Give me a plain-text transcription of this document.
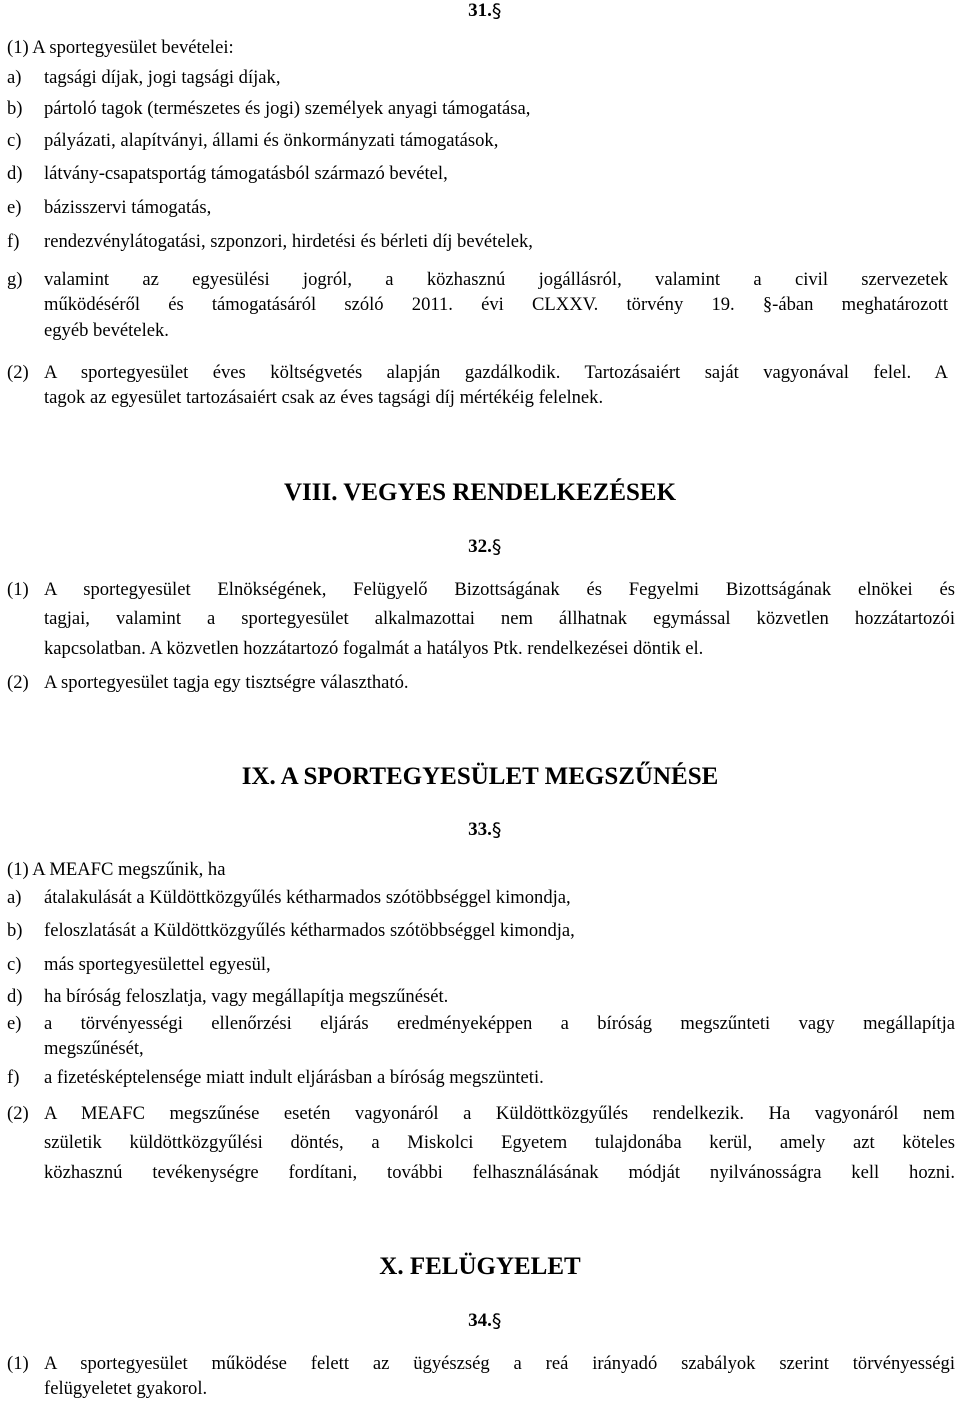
31. §
(1) A sportegyesület bevételei:
a) tagsági díjak, jogi tagsági díjak,
b) pártoló tagok (természetes és jogi) személyek anyagi támogatása,
c) pályázati, alapítványi, állami és önkormányzati támogatások,
d) látvány-csapatsportág támogatásból származó bevétel,
e) bázisszervi támogatás,
f) rendezvénylátogatási, szponzori, hirdetési és bérleti díj bevételek,
g) valamint az egyesülési jogról, a közhasznú jogállásról, valamint a civil szervezetek
működéséről és támogatásáról szóló 2011. évi CLXXV. törvény 19. §-ában meghatározott
egyéb bevételek.
(2) A sportegyesület éves költségvetés alapján gazdálkodik. Tartozásaiért saját vagyonával felel. A
tagok az egyesület tartozásaiért csak az éves tagsági díj mértékéig felelnek.
VIII. VEGYES RENDELKEZÉSEK
32. §
(1) A sportegyesület Elnökségének, Felügyelő Bizottságának és Fegyelmi Bizottságának elnökei és
tagjai, valamint a sportegyesület alkalmazottai nem állhatnak egymással közvetlen hozzátartozói
kapcsolatban. A közvetlen hozzátartozó fogalmát a hatályos Ptk. rendelkezései döntik el.
(2) A sportegyesület tagja egy tisztségre választható.
IX. A SPORTEGYESÜLET MEGSZŰNÉSE
33. §
(1) A MEAFC megszűnik, ha
a) átalakulását a Küldöttközgyűlés kétharmados szótöbbséggel kimondja,
b) feloszlatását a Küldöttközgyűlés kétharmados szótöbbséggel kimondja,
c) más sportegyesülettel egyesül,
d) ha bíróság feloszlatja, vagy megállapítja megszűnését.
e) a törvényességi ellenőrzési eljárás eredményeképpen a bíróság megszűnteti vagy megállapítja
megszűnését,
f) a fizetésképtelensége miatt indult eljárásban a bíróság megszünteti.
(2) A MEAFC megszűnése esetén vagyonáról a Küldöttközgyűlés rendelkezik. Ha vagyonáról nem
születik küldöttközgyűlési döntés, a Miskolci Egyetem tulajdonába kerül, amely azt köteles
közhasznú tevékenységre fordítani, további felhasználásának módját nyilvánosságra kell hozni.
X. FELÜGYELET
34. §
(1) A sportegyesület működése felett az ügyészség a reá irányadó szabályok szerint törvényességi
felügyeletet gyakorol.
